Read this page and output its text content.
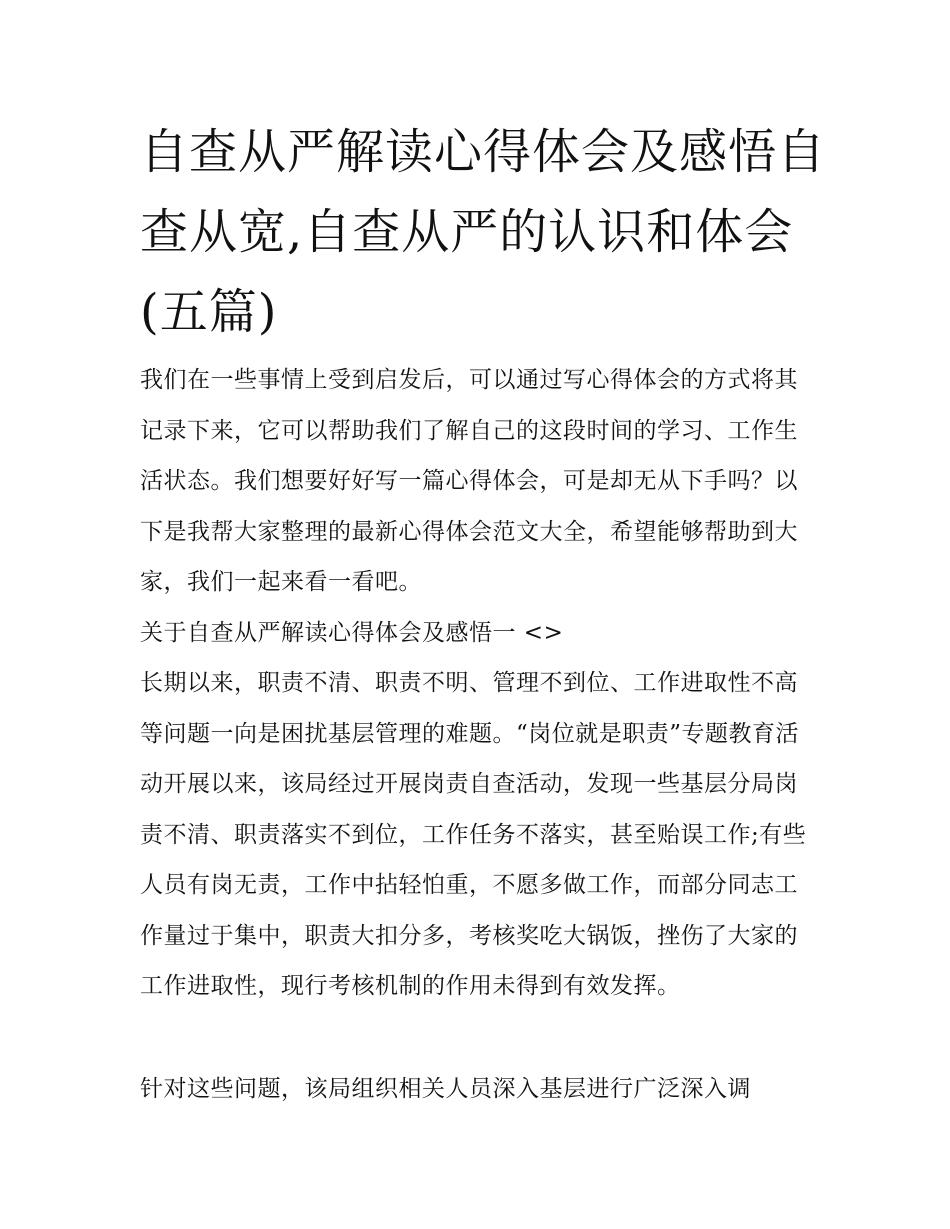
自查从严解读心得体会及感悟自查从宽,自查从严的认识和体会(五篇)

我们在一些事情上受到启发后，可以通过写心得体会的方式将其记录下来，它可以帮助我们了解自己的这段时间的学习、工作生活状态。我们想要好好写一篇心得体会，可是却无从下手吗？以下是我帮大家整理的最新心得体会范文大全，希望能够帮助到大家，我们一起来看一看吧。

关于自查从严解读心得体会及感悟一 <>

长期以来，职责不清、职责不明、管理不到位、工作进取性不高等问题一向是困扰基层管理的难题。“岗位就是职责”专题教育活动开展以来，该局经过开展岗责自查活动，发现一些基层分局岗责不清、职责落实不到位，工作任务不落实，甚至贻误工作;有些人员有岗无责，工作中拈轻怕重，不愿多做工作，而部分同志工作量过于集中，职责大扣分多，考核奖吃大锅饭，挫伤了大家的工作进取性，现行考核机制的作用未得到有效发挥。

针对这些问题，该局组织相关人员深入基层进行广泛深入调
